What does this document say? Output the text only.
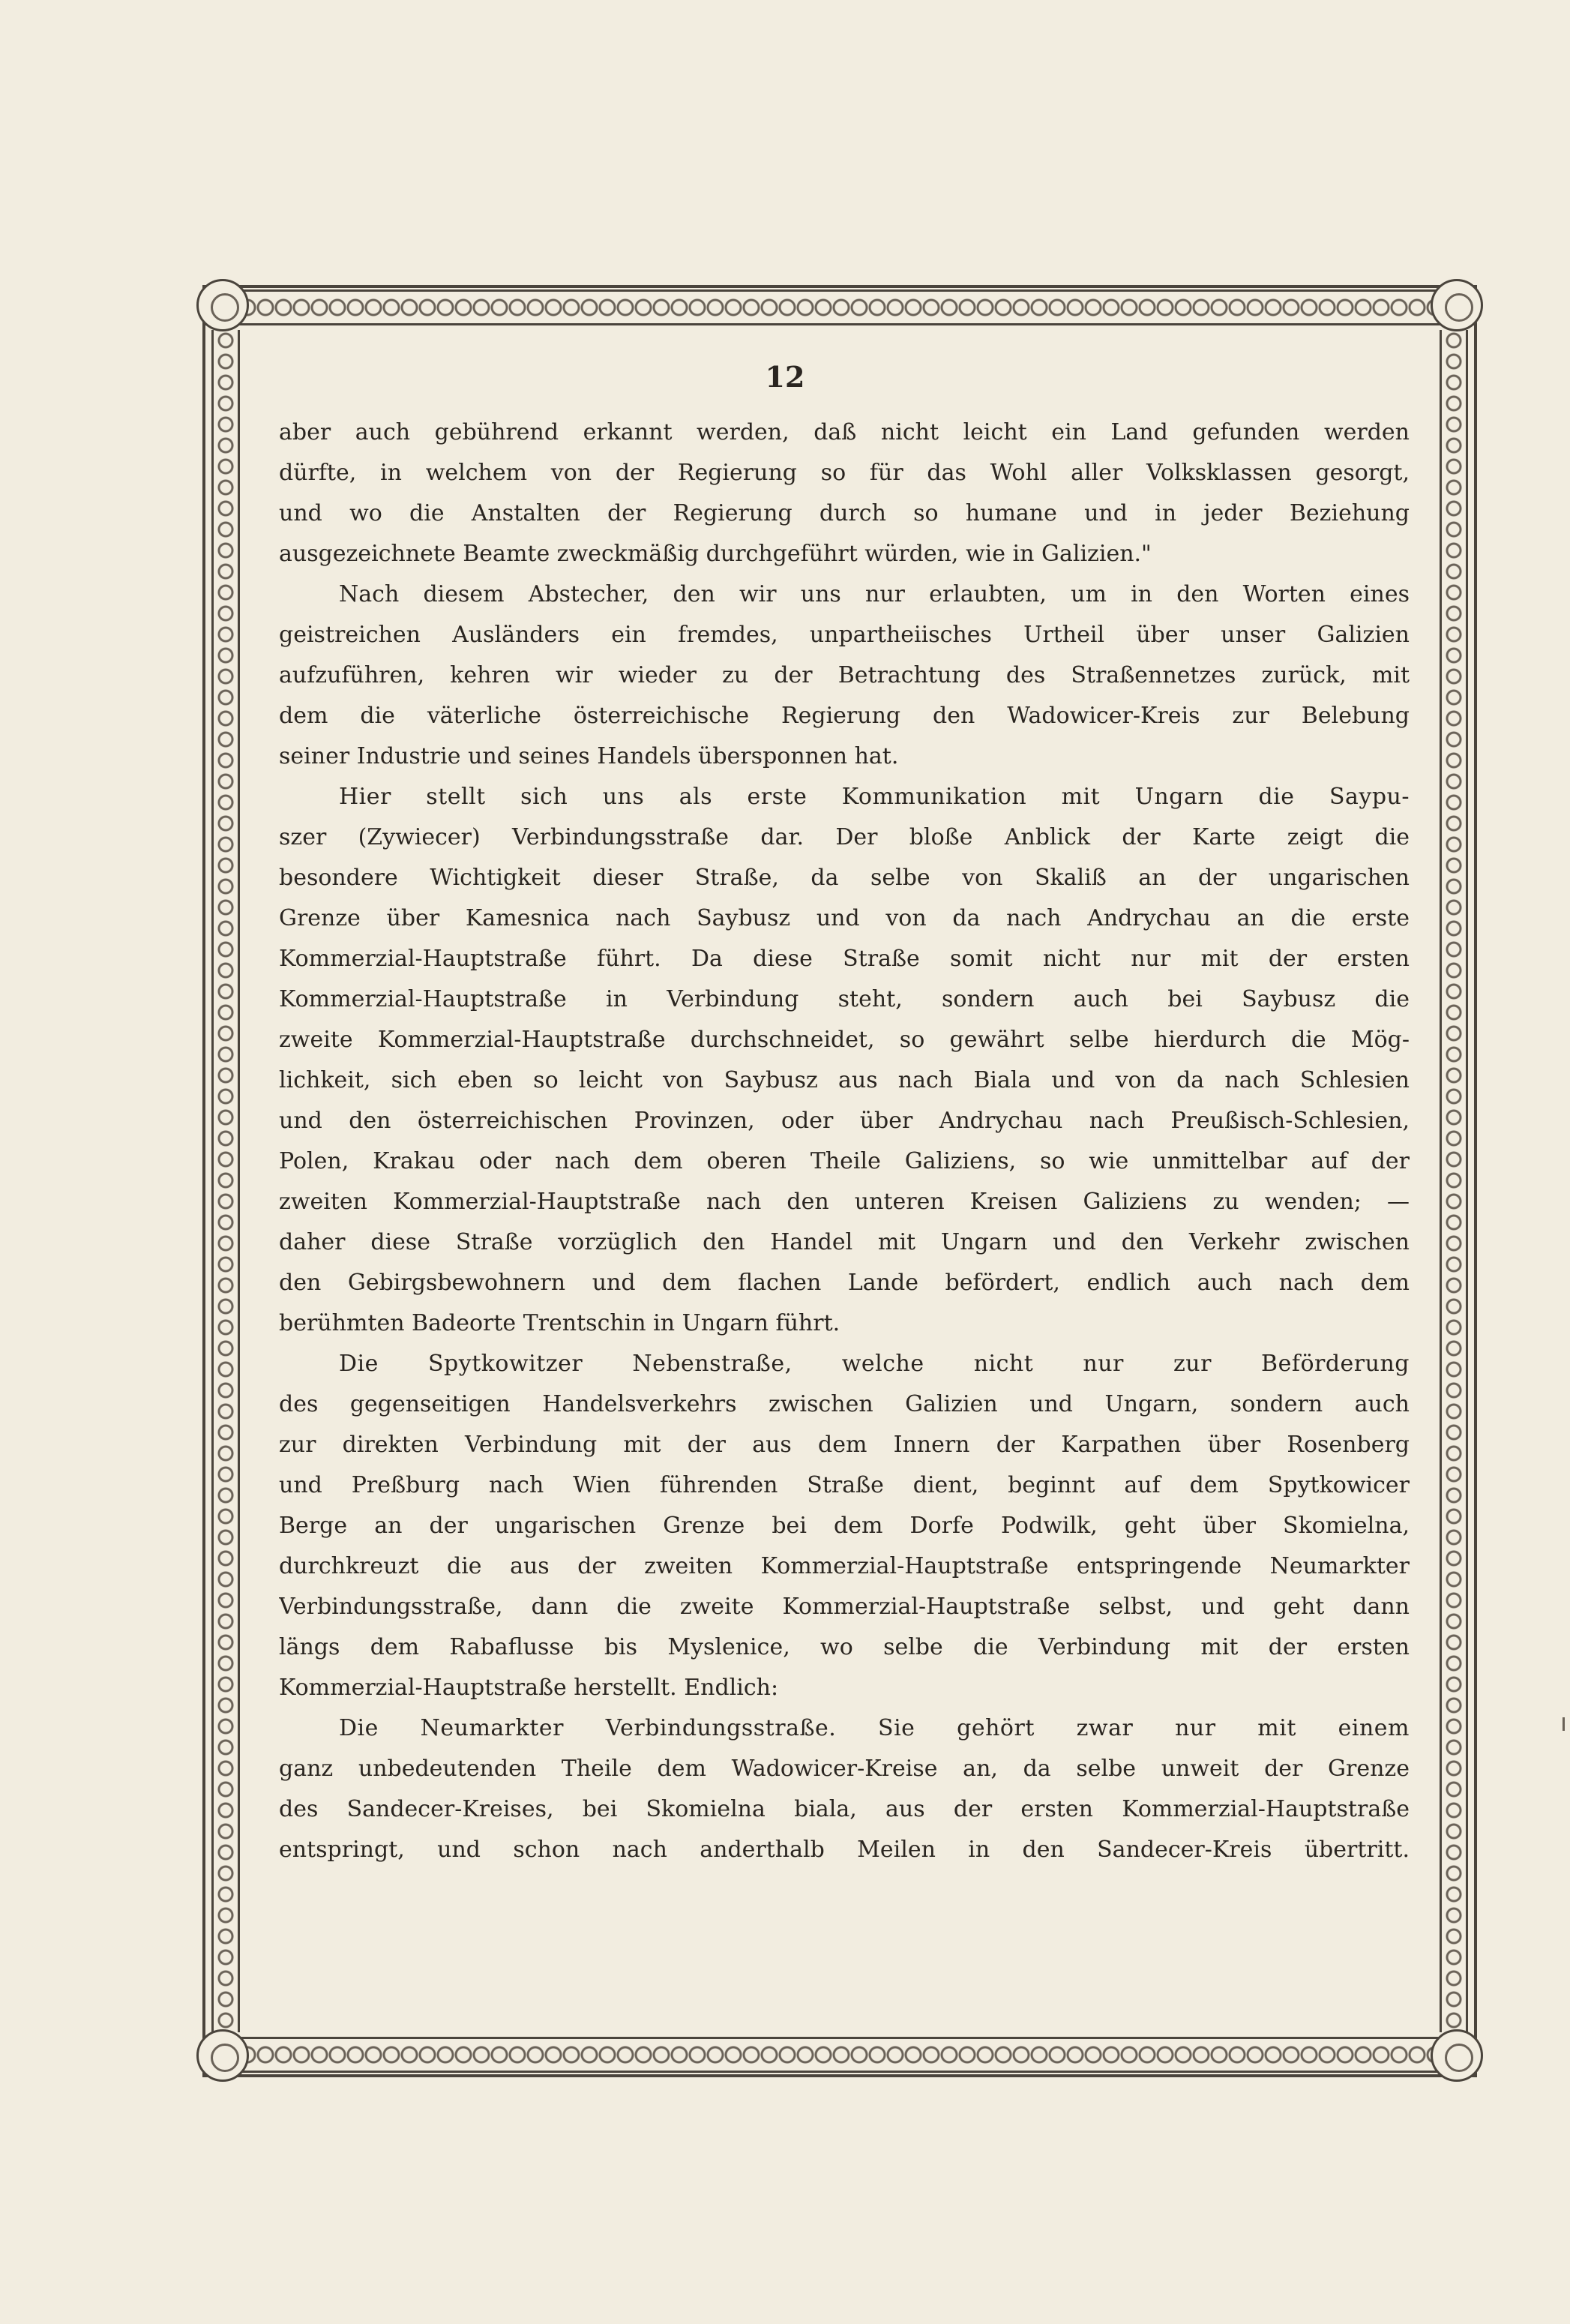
12
aber auch gebührend erkannt werden, daß nicht leicht ein Land gefunden werden
dürfte, in welchem von der Regierung so für das Wohl aller Volksklassen gesorgt,
und wo die Anstalten der Regierung durch so humane und in jeder Beziehung
ausgezeichnete Beamte zweckmäßig durchgeführt würden, wie in Galizien."
Nach diesem Abstecher, den wir uns nur erlaubten, um in den Worten eines
geistreichen Ausländers ein fremdes, unpartheiisches Urtheil über unser Galizien
aufzuführen, kehren wir wieder zu der Betrachtung des Straßennetzes zurück, mit
dem die väterliche österreichische Regierung den Wadowicer-Kreis zur Belebung
seiner Industrie und seines Handels übersponnen hat.
Hier stellt sich uns als erste Kommunikation mit Ungarn die Saypu-
szer (Zywiecer) Verbindungsstraße dar. Der bloße Anblick der Karte zeigt die
besondere Wichtigkeit dieser Straße, da selbe von Skaliß an der ungarischen
Grenze über Kamesnica nach Saybusz und von da nach Andrychau an die erste
Kommerzial-Hauptstraße führt. Da diese Straße somit nicht nur mit der ersten
Kommerzial-Hauptstraße in Verbindung steht, sondern auch bei Saybusz die
zweite Kommerzial-Hauptstraße durchschneidet, so gewährt selbe hierdurch die Mög-
lichkeit, sich eben so leicht von Saybusz aus nach Biala und von da nach Schlesien
und den österreichischen Provinzen, oder über Andrychau nach Preußisch-Schlesien,
Polen, Krakau oder nach dem oberen Theile Galiziens, so wie unmittelbar auf der
zweiten Kommerzial-Hauptstraße nach den unteren Kreisen Galiziens zu wenden; —
daher diese Straße vorzüglich den Handel mit Ungarn und den Verkehr zwischen
den Gebirgsbewohnern und dem flachen Lande befördert, endlich auch nach dem
berühmten Badeorte Trentschin in Ungarn führt.
Die Spytkowitzer Nebenstraße, welche nicht nur zur Beförderung
des gegenseitigen Handelsverkehrs zwischen Galizien und Ungarn, sondern auch
zur direkten Verbindung mit der aus dem Innern der Karpathen über Rosenberg
und Preßburg nach Wien führenden Straße dient, beginnt auf dem Spytkowicer
Berge an der ungarischen Grenze bei dem Dorfe Podwilk, geht über Skomielna,
durchkreuzt die aus der zweiten Kommerzial-Hauptstraße entspringende Neumarkter
Verbindungsstraße, dann die zweite Kommerzial-Hauptstraße selbst, und geht dann
längs dem Rabaflusse bis Myslenice, wo selbe die Verbindung mit der ersten
Kommerzial-Hauptstraße herstellt. Endlich:
Die Neumarkter Verbindungsstraße. Sie gehört zwar nur mit einem
ganz unbedeutenden Theile dem Wadowicer-Kreise an, da selbe unweit der Grenze
des Sandecer-Kreises, bei Skomielna biala, aus der ersten Kommerzial-Hauptstraße
entspringt, und schon nach anderthalb Meilen in den Sandecer-Kreis übertritt.
